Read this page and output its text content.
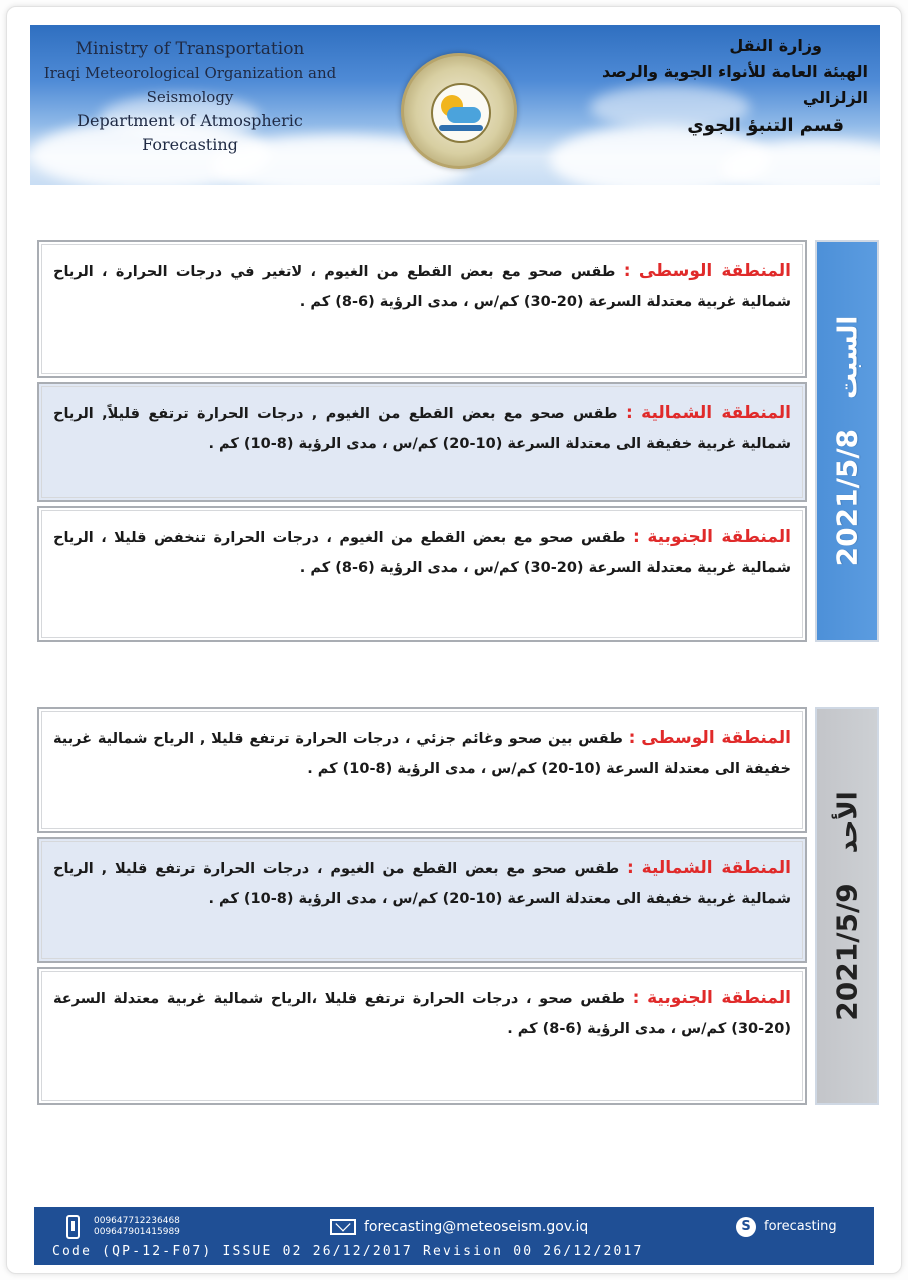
Ministry of Transportation
Iraqi Meteorological Organization and Seismology
Department of Atmospheric Forecasting
وزارة النقل
الهيئة العامة للأنواء الجوية والرصد الزلزالي
قسم التنبؤ الجوي
المنطقة الوسطى : طقس صحو مع بعض القطع من الغيوم ، لاتغير في درجات الحرارة ، الرياح شمالية غربية معتدلة السرعة (20-30) كم/س ، مدى الرؤية (6-8) كم .
المنطقة الشمالية : طقس صحو مع بعض القطع من الغيوم , درجات الحرارة ترتفع قليلاً, الرياح شمالية غربية خفيفة الى معتدلة السرعة (10-20) كم/س ، مدى الرؤية (8-10) كم .
المنطقة الجنوبية : طقس صحو مع بعض القطع من الغيوم ، درجات الحرارة تنخفض قليلا ، الرياح شمالية غربية معتدلة السرعة (20-30) كم/س ، مدى الرؤية (6-8) كم .
2021/5/8السبت
المنطقة الوسطى : طقس بين صحو وغائم جزئي ، درجات الحرارة ترتفع قليلا , الرياح شمالية غربية خفيفة الى معتدلة السرعة (10-20) كم/س ، مدى الرؤية (8-10) كم .
المنطقة الشمالية : طقس صحو مع بعض القطع من الغيوم ، درجات الحرارة ترتفع قليلا , الرياح شمالية غربية خفيفة الى معتدلة السرعة (10-20) كم/س ، مدى الرؤية (8-10) كم .
المنطقة الجنوبية : طقس صحو ، درجات الحرارة ترتفع قليلا ،الرياح شمالية غربية معتدلة السرعة (20-30) كم/س ، مدى الرؤية (6-8) كم .
2021/5/9الأحد
009647712236468
009647901415989	forecasting@meteoseism.gov.iq	S	forecasting
Code (QP-12-F07) ISSUE 02 26/12/2017 Revision 00 26/12/2017
